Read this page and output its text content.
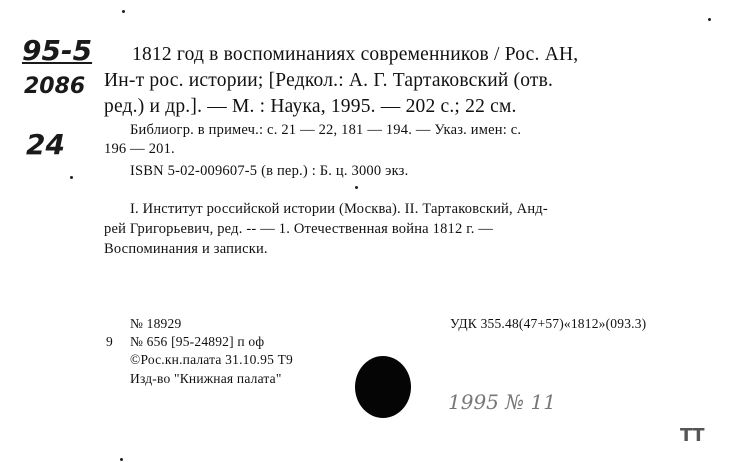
95-5
2086
24
1812 год в воспоминаниях современников / Рос. АН,
Ин-т рос. истории; [Редкол.: А. Г. Тартаковский (отв.
ред.) и др.]. — М. : Наука, 1995. — 202 с.; 22 см.
Библиогр. в примеч.: с. 21 — 22, 181 — 194. — Указ. имен: с.
196 — 201.
ISBN 5-02-009607-5 (в пер.) : Б. ц. 3000 экз.
I. Институт российской истории (Москва). II. Тартаковский, Анд-
рей Григорьевич, ред. -- — 1. Отечественная война 1812 г. —
Воспоминания и записки.
№ 18929	УДК 355.48(47+57)«1812»(093.3)
9 № 656 [95-24892] п оф
©Рос.кн.палата 31.10.95 Т9
Изд-во "Книжная палата"
1995 № 11
ТТ
